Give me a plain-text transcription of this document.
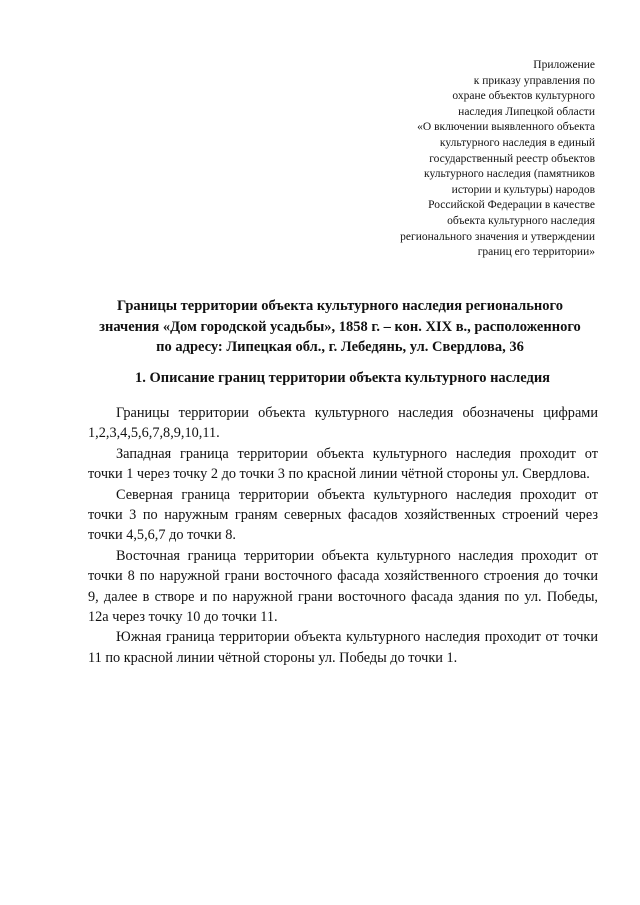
Приложение
к приказу управления по
охране объектов культурного
наследия Липецкой области
«О включении выявленного объекта
культурного наследия в единый
государственный реестр объектов
культурного наследия (памятников
истории и культуры) народов
Российской Федерации в качестве
объекта культурного наследия
регионального значения и утверждении
границ его территории»
Границы территории объекта культурного наследия регионального
значения «Дом городской усадьбы», 1858 г. – кон. XIX в., расположенного
по адресу: Липецкая обл., г. Лебедянь, ул. Свердлова, 36
1. Описание границ территории объекта культурного наследия

Границы территории объекта культурного наследия обозначены цифрами 1,2,3,4,5,6,7,8,9,10,11.

Западная граница территории объекта культурного наследия проходит от точки 1 через точку 2 до точки 3 по красной линии чётной стороны ул. Свердлова.

Северная граница территории объекта культурного наследия проходит от точки 3 по наружным граням северных фасадов хозяйственных строений через точки 4,5,6,7 до точки 8.

Восточная граница территории объекта культурного наследия проходит от точки 8 по наружной грани восточного фасада хозяйственного строения до точки 9, далее в створе и по наружной грани восточного фасада здания по ул. Победы, 12а через точку 10 до точки 11.

Южная граница территории объекта культурного наследия проходит от точки 11 по красной линии чётной стороны ул. Победы до точки 1.
